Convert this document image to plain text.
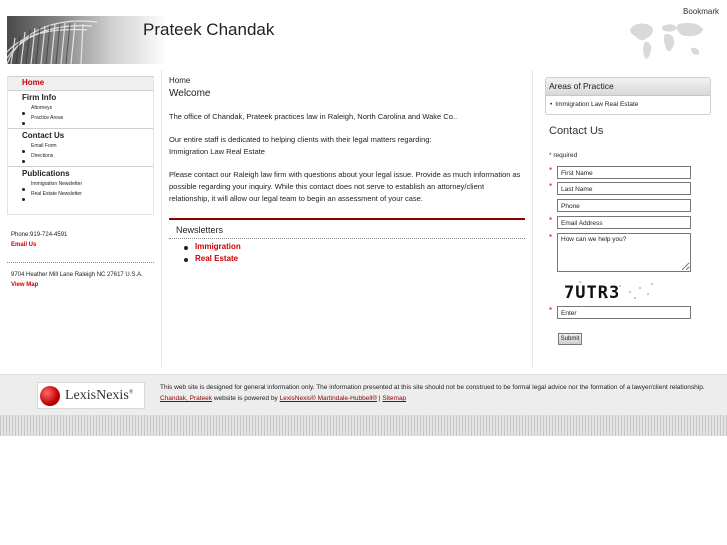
Prateek Chandak
Bookmark
Home
Firm Info
Attorneys
Practice Areas
Contact Us
Email Form
Directions
Publications
Immigration Newsletter
Real Estate Newsletter
Phone:919-724-4591
Email Us
9704 Heather Mill Lane Raleigh NC 27617 U.S.A. View Map
Home
Welcome
The office of Chandak, Prateek practices law in Raleigh, North Carolina and Wake Co..
Our entire staff is dedicated to helping clients with their legal matters regarding:
Immigration Law Real Estate
Please contact our Raleigh law firm with questions about your legal issue. Provide as much information as possible regarding your inquiry. While this contact does not serve to establish an attorney/client relationship, it will allow our legal team to begin an assessment of your case.
Newsletters
Immigration
Real Estate
Areas of Practice
• Immigration Law Real Estate
Contact Us
* required
*
First Name
*
Last Name
Phone
*
Email Address
*
How can we help you?
7UTR3
*
Enter
Submit
LexisNexis®
This web site is designed for general information only. The information presented at this site should not be construed to be formal legal advice nor the formation of a lawyer/client relationship. Chandak, Prateek website is powered by LexisNexis® Martindale-Hubbell® | Sitemap
